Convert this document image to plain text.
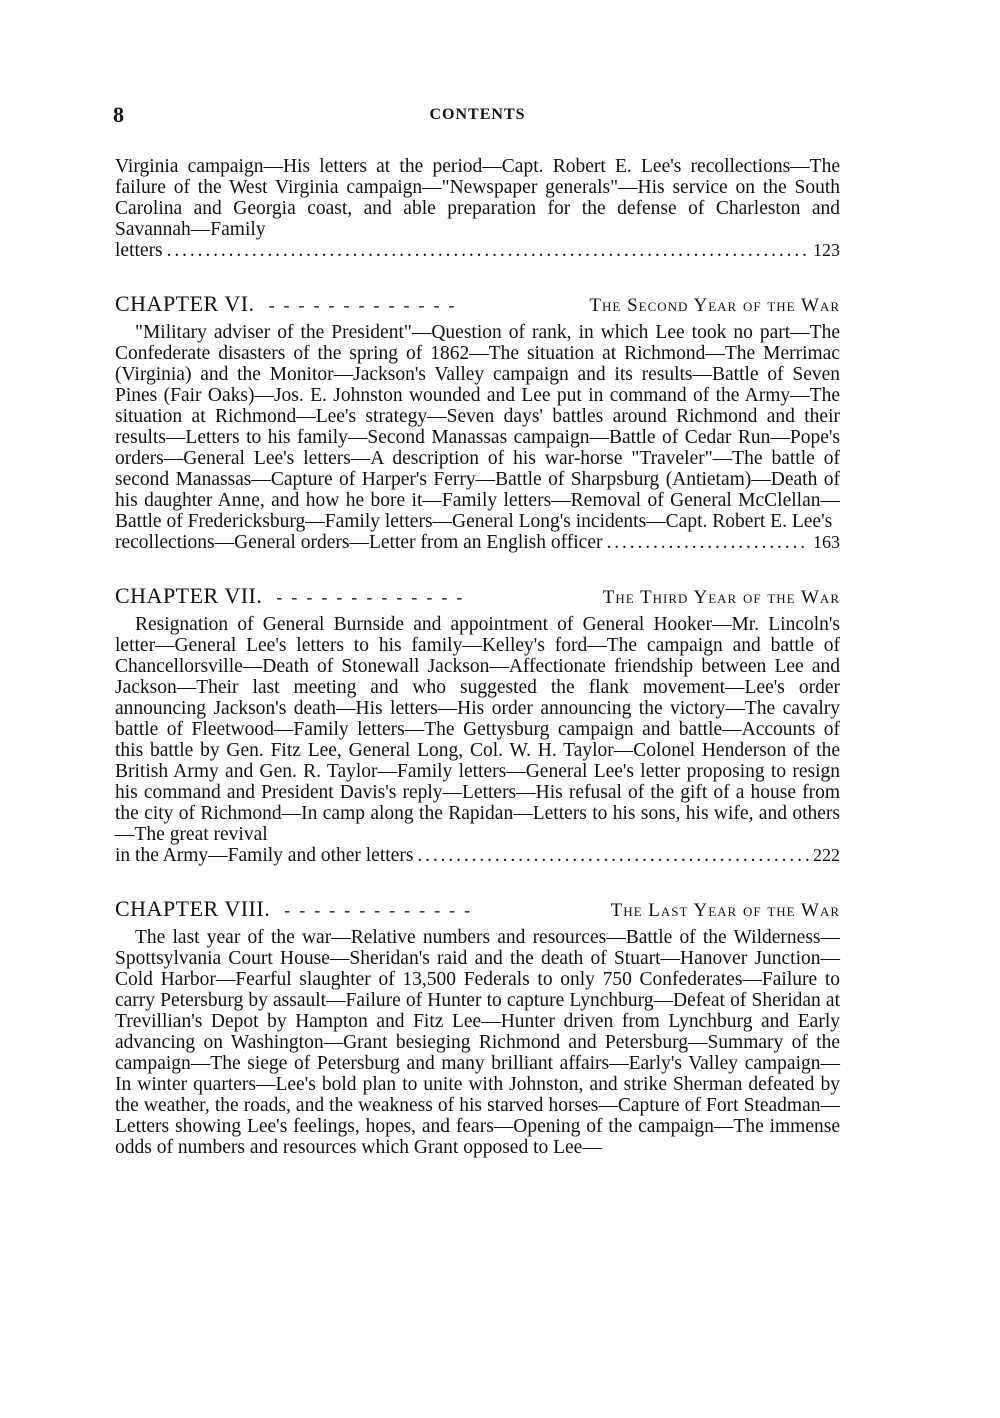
8	CONTENTS

Virginia campaign—His letters at the period—Capt. Robert E. Lee's recollections—The failure of the West Virginia campaign—"Newspaper generals"—His service on the South Carolina and Georgia coast, and able preparation for the defense of Charleston and Savannah—Family

letters . . .	123
CHAPTER VI. -  -	The Second Year of the War

"Military adviser of the President"—Question of rank, in which Lee took no part—The Confederate disasters of the spring of 1862—The situation at Richmond—The Merrimac (Virginia) and the Monitor—Jackson's Valley campaign and its results—Battle of Seven Pines (Fair Oaks)—Jos. E. Johnston wounded and Lee put in command of the Army—The situation at Richmond—Lee's strategy—Seven days' battles around Richmond and their results—Letters to his family—Second Manassas campaign—Battle of Cedar Run—Pope's orders—General Lee's letters—A description of his war-horse "Traveler"—The battle of second Manassas—Capture of Harper's Ferry—Battle of Sharpsburg (Antietam)—Death of his daughter Anne, and how he bore it—Family letters—Removal of General McClellan—Battle of Fredericksburg—Family letters—General Long's incidents—Capt. Robert E. Lee's

recollections—General orders—Letter from an English officer . . .	163
CHAPTER VII. -  -	The Third Year of the War

Resignation of General Burnside and appointment of General Hooker—Mr. Lincoln's letter—General Lee's letters to his family—Kelley's ford—The campaign and battle of Chancellorsville—Death of Stonewall Jackson—Affectionate friendship between Lee and Jackson—Their last meeting and who suggested the flank movement—Lee's order announcing Jackson's death—His letters—His order announcing the victory—The cavalry battle of Fleetwood—Family letters—The Gettysburg campaign and battle—Accounts of this battle by Gen. Fitz Lee, General Long, Col. W. H. Taylor—Colonel Henderson of the British Army and Gen. R. Taylor—Family letters—General Lee's letter proposing to resign his command and President Davis's reply—Letters—His refusal of the gift of a house from the city of Richmond—In camp along the Rapidan—Letters to his sons, his wife, and others—The great revival

in the Army—Family and other letters . . .	222
CHAPTER VIII. -  -	The Last Year of the War

The last year of the war—Relative numbers and resources—Battle of the Wilderness—Spottsylvania Court House—Sheridan's raid and the death of Stuart—Hanover Junction—Cold Harbor—Fearful slaughter of 13,500 Federals to only 750 Confederates—Failure to carry Petersburg by assault—Failure of Hunter to capture Lynchburg—Defeat of Sheridan at Trevillian's Depot by Hampton and Fitz Lee—Hunter driven from Lynchburg and Early advancing on Washington—Grant besieging Richmond and Petersburg—Summary of the campaign—The siege of Petersburg and many brilliant affairs—Early's Valley campaign—In winter quarters—Lee's bold plan to unite with Johnston, and strike Sherman defeated by the weather, the roads, and the weakness of his starved horses—Capture of Fort Steadman—Letters showing Lee's feelings, hopes, and fears—Opening of the campaign—The immense odds of numbers and resources which Grant opposed to Lee—
